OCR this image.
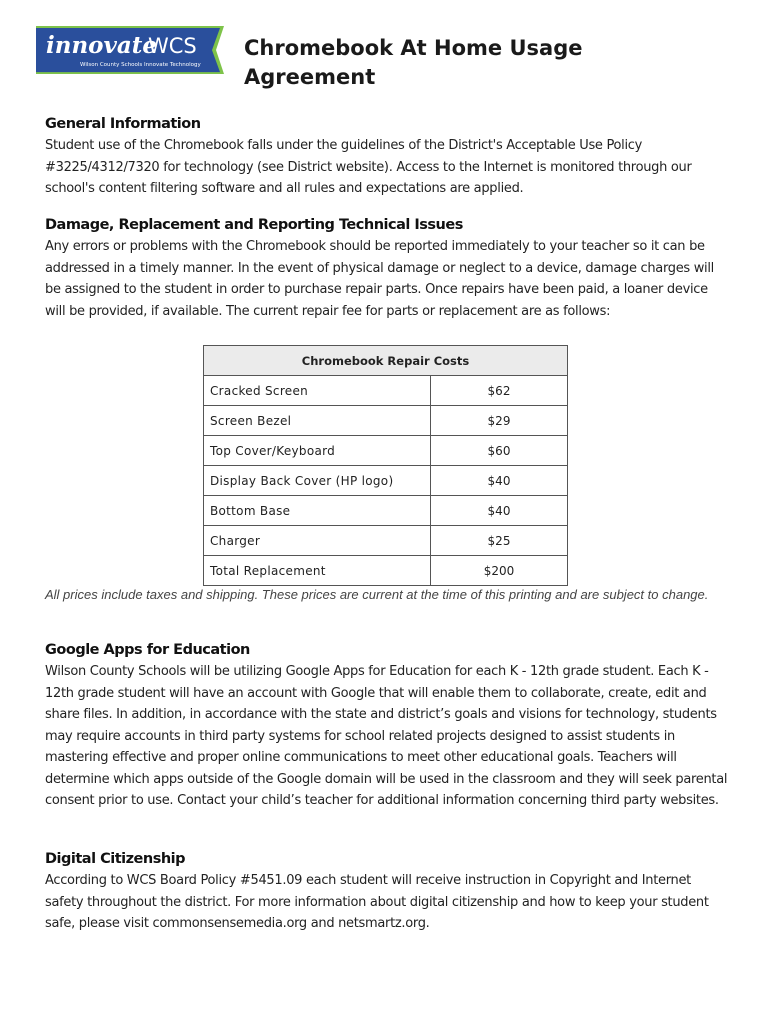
innovate
WCS
Wilson County Schools Innovate Technology
Chromebook At Home Usage
Agreement
General Information

Student use of the Chromebook falls under the guidelines of the District's Acceptable Use Policy #3225/4312/7320 for technology (see District website). Access to the Internet is monitored through our school's content filtering software and all rules and expectations are applied.

Damage, Replacement and Reporting Technical Issues

Any errors or problems with the Chromebook should be reported immediately to your teacher so it can be addressed in a timely manner. In the event of physical damage or neglect to a device, damage charges will be assigned to the student in order to purchase repair parts. Once repairs have been paid, a loaner device will be provided, if available. The current repair fee for parts or replacement are as follows:

Chromebook Repair Costs	
Cracked Screen	$62
Screen Bezel	$29
Top Cover/Keyboard	$60
Display Back Cover (HP logo)	$40
Bottom Base	$40
Charger	$25
Total Replacement	$200
All prices include taxes and shipping. These prices are current at the time of this printing and are subject to change.
Google Apps for Education

Wilson County Schools will be utilizing Google Apps for Education for each K - 12th grade student. Each K - 12th grade student will have an account with Google that will enable them to collaborate, create, edit and share files. In addition, in accordance with the state and district’s goals and visions for technology, students may require accounts in third party systems for school related projects designed to assist students in mastering effective and proper online communications to meet other educational goals. Teachers will determine which apps outside of the Google domain will be used in the classroom and they will seek parental consent prior to use. Contact your child’s teacher for additional information concerning third party websites.

Digital Citizenship

According to WCS Board Policy #5451.09 each student will receive instruction in Copyright and Internet safety throughout the district. For more information about digital citizenship and how to keep your student safe, please visit commonsensemedia.org and netsmartz.org.
